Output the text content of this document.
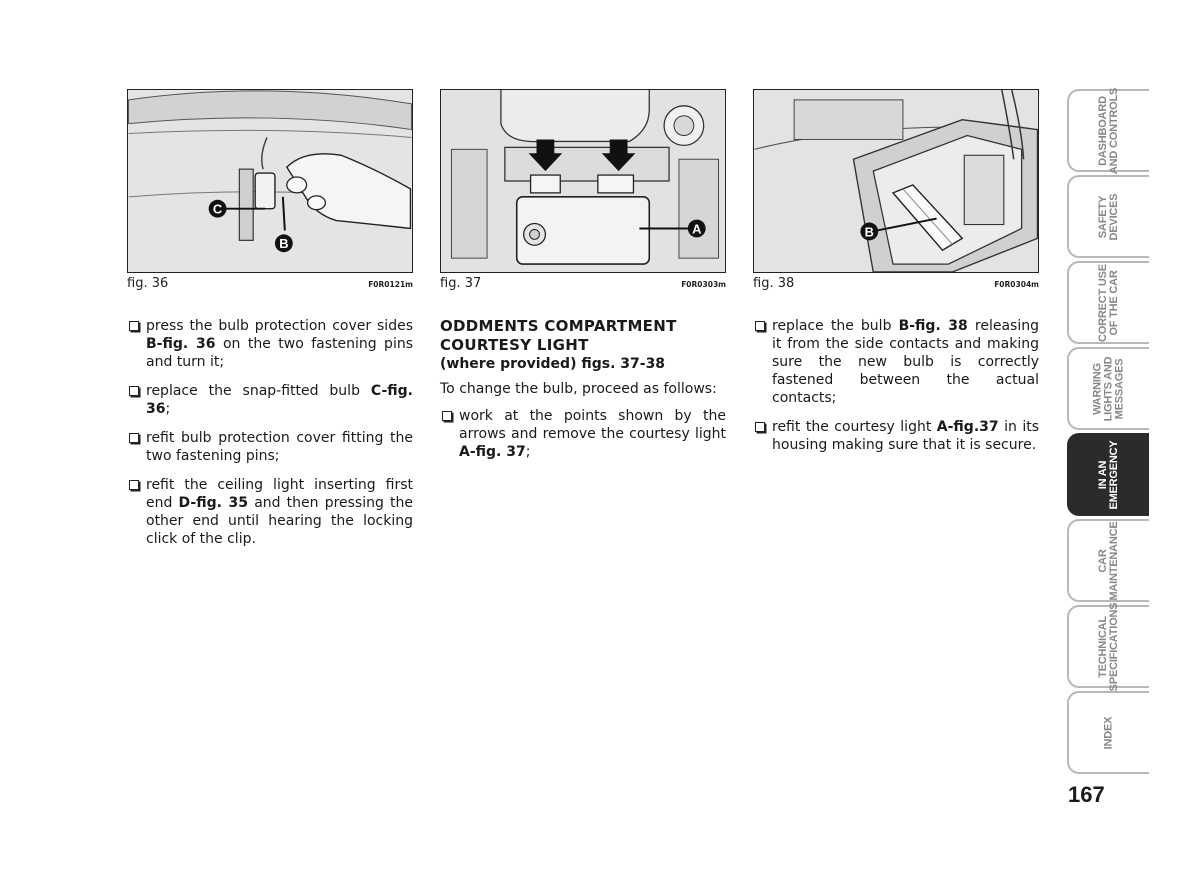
C
B
fig. 36	F0R0121m
A
fig. 37	F0R0303m
B
fig. 38	F0R0304m
press the bulb protection cover sides B-fig. 36 on the two fastening pins and turn it;
replace the snap-fitted bulb C-fig. 36;
refit bulb protection cover fitting the two fastening pins;
refit the ceiling light inserting first end D-fig. 35 and then pressing the other end until hearing the locking click of the clip.
ODDMENTS COMPARTMENT
COURTESY LIGHT
(where provided) figs. 37-38
To change the bulb, proceed as follows:
work at the points shown by the arrows and remove the courtesy light A-fig. 37;
replace the bulb B-fig. 38 releasing it from the side contacts and making sure the new bulb is correctly fastened between the actual contacts;
refit the courtesy light A-fig.37 in its housing making sure that it is secure.
DASHBOARD AND CONTROLS
SAFETY DEVICES
CORRECT USE OF THE CAR
WARNING LIGHTS AND MESSAGES
IN AN EMERGENCY
CAR MAINTENANCE
TECHNICAL SPECIFICATIONS
INDEX
167
